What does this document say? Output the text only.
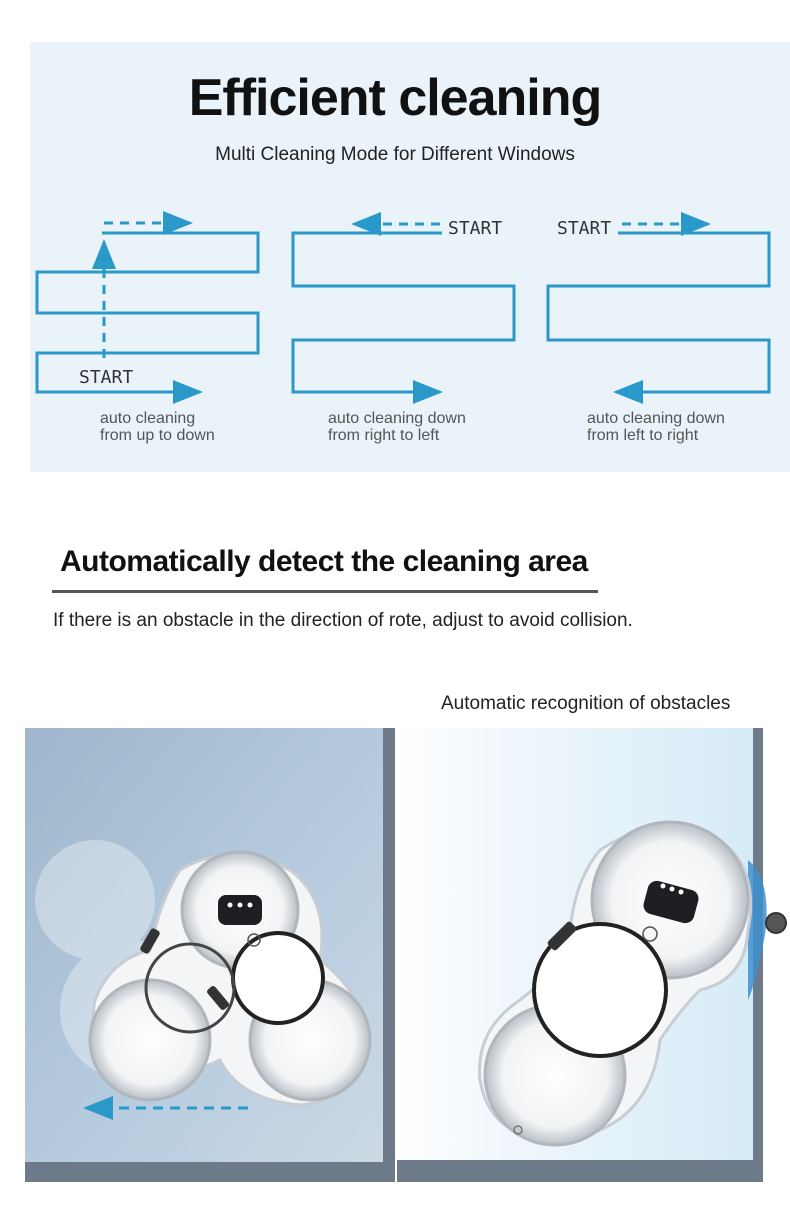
Efficient cleaning
Multi Cleaning Mode for Different Windows
START
START	START
auto cleaning
from up to down
auto cleaning down
from right to left
auto cleaning down
from left to right
Automatically detect the cleaning area
If there is an obstacle in the direction of rote, adjust to avoid collision.
Automatic recognition of obstacles
